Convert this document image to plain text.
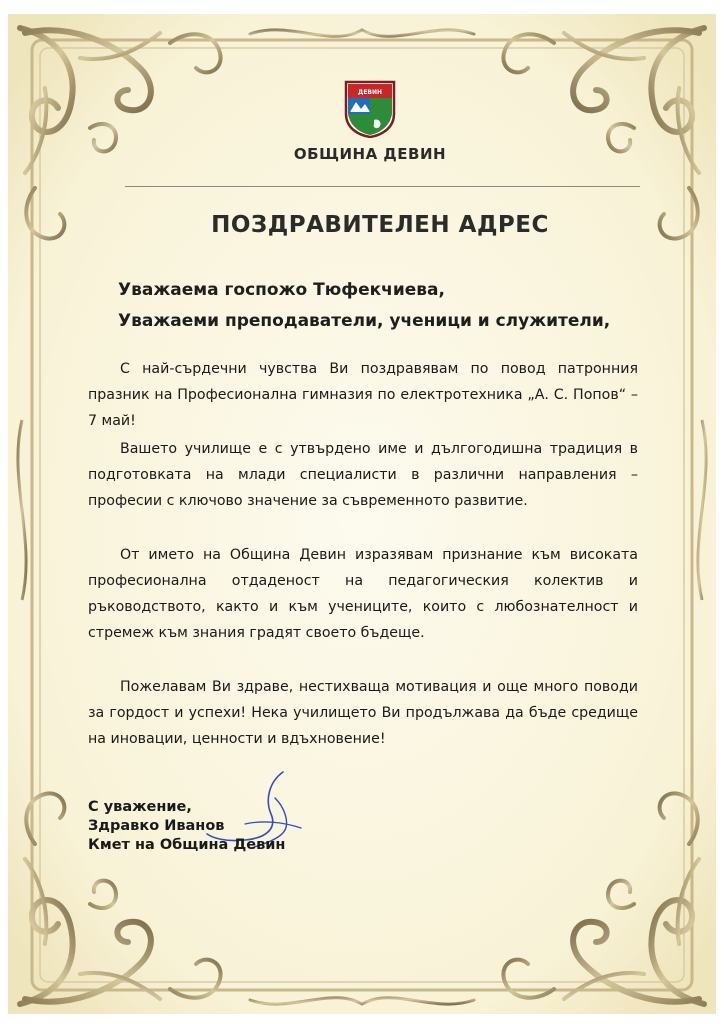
ДЕВИН
ОБЩИНА ДЕВИН
ПОЗДРАВИТЕЛЕН АДРЕС
Уважаема госпожо Тюфекчиева,
Уважаеми преподаватели, ученици и служители,

С най-сърдечни чувства Ви поздравявам по повод патронния празник на Професионална гимназия по електротехника „А. С. Попов“ – 7 май!

Вашето училище е с утвърдено име и дългогодишна традиция в подготовката на млади специалисти в различни направления – професии с ключово значение за съвременното развитие.

От името на Община Девин изразявам признание към високата професионална отдаденост на педагогическия колектив и ръководството, както и към учениците, които с любознателност и стремеж към знания градят своето бъдеще.

Пожелавам Ви здраве, нестихваща мотивация и още много поводи за гордост и успехи! Нека училището Ви продължава да бъде средище на иновации, ценности и вдъхновение!

С уважение,
Здравко Иванов
Кмет на Община Девин
